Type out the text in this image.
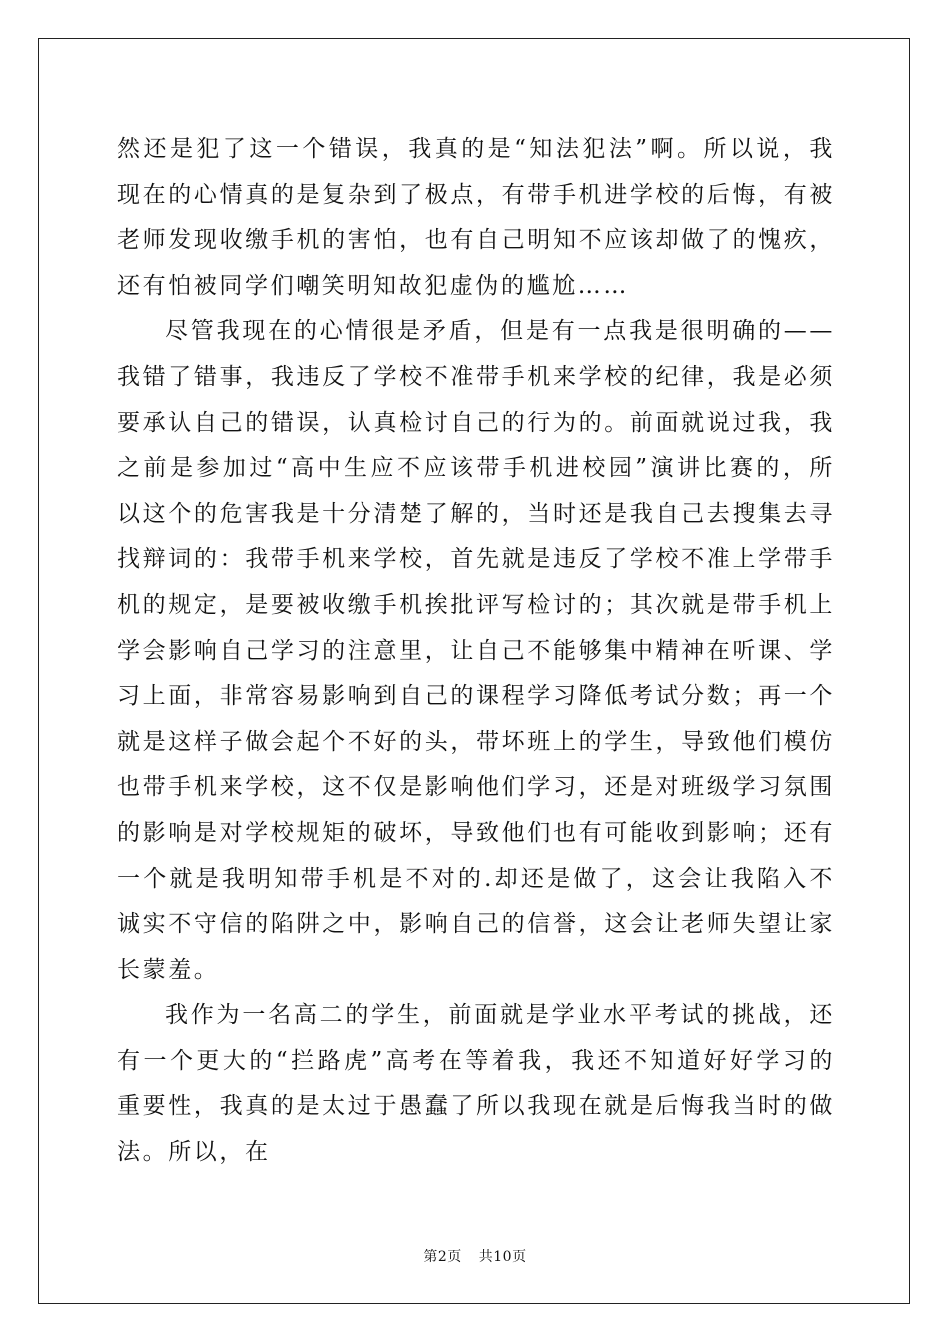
然还是犯了这一个错误，我真的是“知法犯法”啊。所以说，我现在的心情真的是复杂到了极点，有带手机进学校的后悔，有被老师发现收缴手机的害怕，也有自己明知不应该却做了的愧疚，还有怕被同学们嘲笑明知故犯虚伪的尴尬……

尽管我现在的心情很是矛盾，但是有一点我是很明确的——我错了错事，我违反了学校不准带手机来学校的纪律，我是必须要承认自己的错误，认真检讨自己的行为的。前面就说过我，我之前是参加过“高中生应不应该带手机进校园”演讲比赛的，所以这个的危害我是十分清楚了解的，当时还是我自己去搜集去寻找辩词的：我带手机来学校，首先就是违反了学校不准上学带手机的规定，是要被收缴手机挨批评写检讨的；其次就是带手机上学会影响自己学习的注意里，让自己不能够集中精神在听课、学习上面，非常容易影响到自己的课程学习降低考试分数；再一个就是这样子做会起个不好的头，带坏班上的学生，导致他们模仿也带手机来学校，这不仅是影响他们学习，还是对班级学习氛围的影响是对学校规矩的破坏，导致他们也有可能收到影响；还有一个就是我明知带手机是不对的.却还是做了，这会让我陷入不诚实不守信的陷阱之中，影响自己的信誉，这会让老师失望让家长蒙羞。

我作为一名高二的学生，前面就是学业水平考试的挑战，还有一个更大的“拦路虎”高考在等着我，我还不知道好好学习的重要性，我真的是太过于愚蠢了所以我现在就是后悔我当时的做法。所以，在

第2页 共10页
